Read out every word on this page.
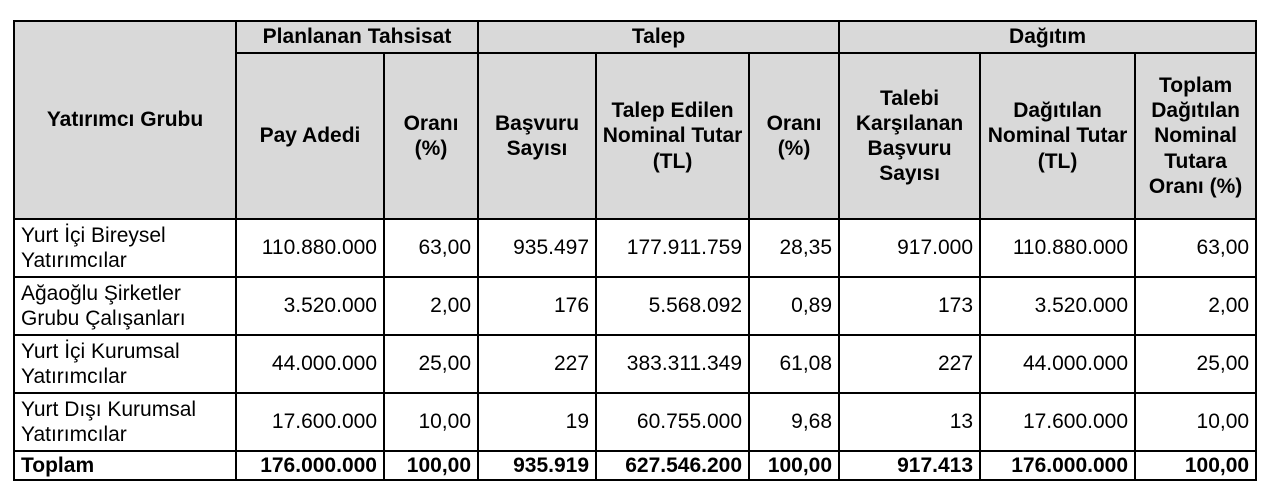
Yatırımcı Grubu	Planlanan Tahsisat		Talep			Dağıtım		
	Pay Adedi	Oranı (%)	Başvuru Sayısı	Talep Edilen Nominal Tutar (TL)	Oranı (%)	Talebi Karşılanan Başvuru Sayısı	Dağıtılan Nominal Tutar (TL)	Toplam Dağıtılan Nominal Tutara Oranı (%)
Yurt İçi Bireysel Yatırımcılar	110.880.000	63,00	935.497	177.911.759	28,35	917.000	110.880.000	63,00
Ağaoğlu Şirketler Grubu Çalışanları	3.520.000	2,00	176	5.568.092	0,89	173	3.520.000	2,00
Yurt İçi Kurumsal Yatırımcılar	44.000.000	25,00	227	383.311.349	61,08	227	44.000.000	25,00
Yurt Dışı Kurumsal Yatırımcılar	17.600.000	10,00	19	60.755.000	9,68	13	17.600.000	10,00
Toplam	176.000.000	100,00	935.919	627.546.200	100,00	917.413	176.000.000	100,00
